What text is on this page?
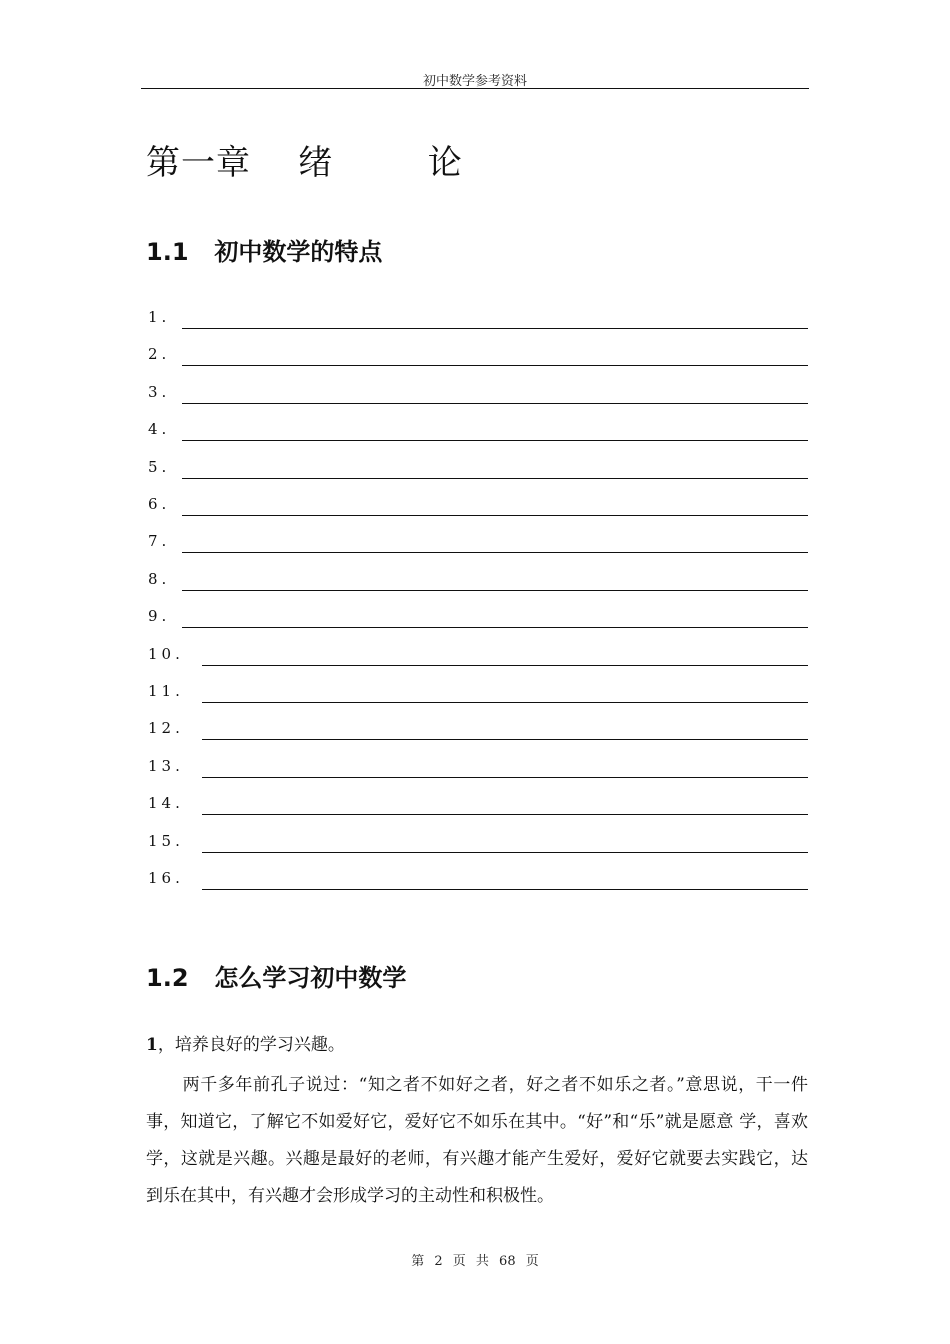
初中数学参考资料
第一章    绪        论
1.1 初中数学的特点
1.
2.
3.
4.
5.
6.
7.
8.
9.
10.
11.
12.
13.
14.
15.
16.
1.2 怎么学习初中数学
1，培养良好的学习兴趣。
两千多年前孔子说过：“知之者不如好之者，好之者不如乐之者。”意思说，干一件事，知道它，了解它不如爱好它，爱好它不如乐在其中。“好”和“乐”就是愿意 学，喜欢学，这就是兴趣。兴趣是最好的老师，有兴趣才能产生爱好，爱好它就要去实践它，达到乐在其中，有兴趣才会形成学习的主动性和积极性。
第 2 页 共 68 页
